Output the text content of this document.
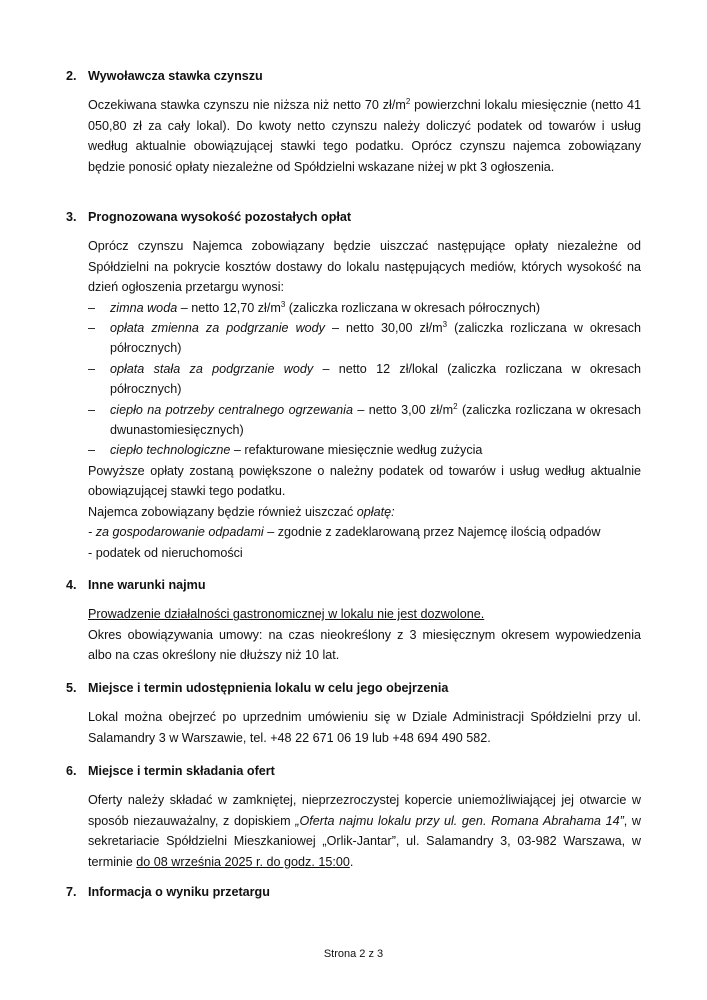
2. Wywoławcza stawka czynszu
Oczekiwana stawka czynszu nie niższa niż netto 70 $zł/m^2$ powierzchni lokalu miesięcznie (netto 41 050,80 zł za cały lokal). Do kwoty netto czynszu należy doliczyć podatek od towarów i usług według aktualnie obowiązującej stawki tego podatku. Oprócz czynszu najemca zobowiązany będzie ponosić opłaty niezależne od Spółdzielni wskazane niżej w pkt 3 ogłoszenia.
3. Prognozowana wysokość pozostałych opłat
Oprócz czynszu Najemca zobowiązany będzie uiszczać następujące opłaty niezależne od Spółdzielni na pokrycie kosztów dostawy do lokalu następujących mediów, których wysokość na dzień ogłoszenia przetargu wynosi:
– zimna woda – netto 12,70 $zł/m^3$ (zaliczka rozliczana w okresach półrocznych)
– opłata zmienna za podgrzanie wody – netto 30,00 $zł/m^3$ (zaliczka rozliczana w okresach półrocznych)
– opłata stała za podgrzanie wody – netto 12 zł/lokal (zaliczka rozliczana w okresach półrocznych)
– ciepło na potrzeby centralnego ogrzewania – netto 3,00 $zł/m^2$ (zaliczka rozliczana w okresach dwunastomiesięcznych)
– ciepło technologiczne – refakturowane miesięcznie według zużycia
Powyższe opłaty zostaną powiększone o należny podatek od towarów i usług według aktualnie obowiązującej stawki tego podatku.
Najemca zobowiązany będzie również uiszczać opłatę:
- za gospodarowanie odpadami – zgodnie z zadeklarowaną przez Najemcę ilością odpadów
- podatek od nieruchomości
4. Inne warunki najmu
Prowadzenie działalności gastronomicznej w lokalu nie jest dozwolone.
Okres obowiązywania umowy: na czas nieokreślony z 3 miesięcznym okresem wypowiedzenia albo na czas określony nie dłuższy niż 10 lat.
5. Miejsce i termin udostępnienia lokalu w celu jego obejrzenia
Lokal można obejrzeć po uprzednim umówieniu się w Dziale Administracji Spółdzielni przy ul. Salamandry 3 w Warszawie, tel. +48 22 671 06 19 lub +48 694 490 582.
6. Miejsce i termin składania ofert
Oferty należy składać w zamkniętej, nieprzezroczystej kopercie uniemożliwiającej jej otwarcie w sposób niezauważalny, z dopiskiem „Oferta najmu lokalu przy ul. gen. Romana Abrahama 14”, w sekretariacie Spółdzielni Mieszkaniowej „Orlik-Jantar”, ul. Salamandry 3, 03-982 Warszawa, w terminie do 08 września 2025 r. do godz. 15:00.
7. Informacja o wyniku przetargu
Strona 2 z 3
